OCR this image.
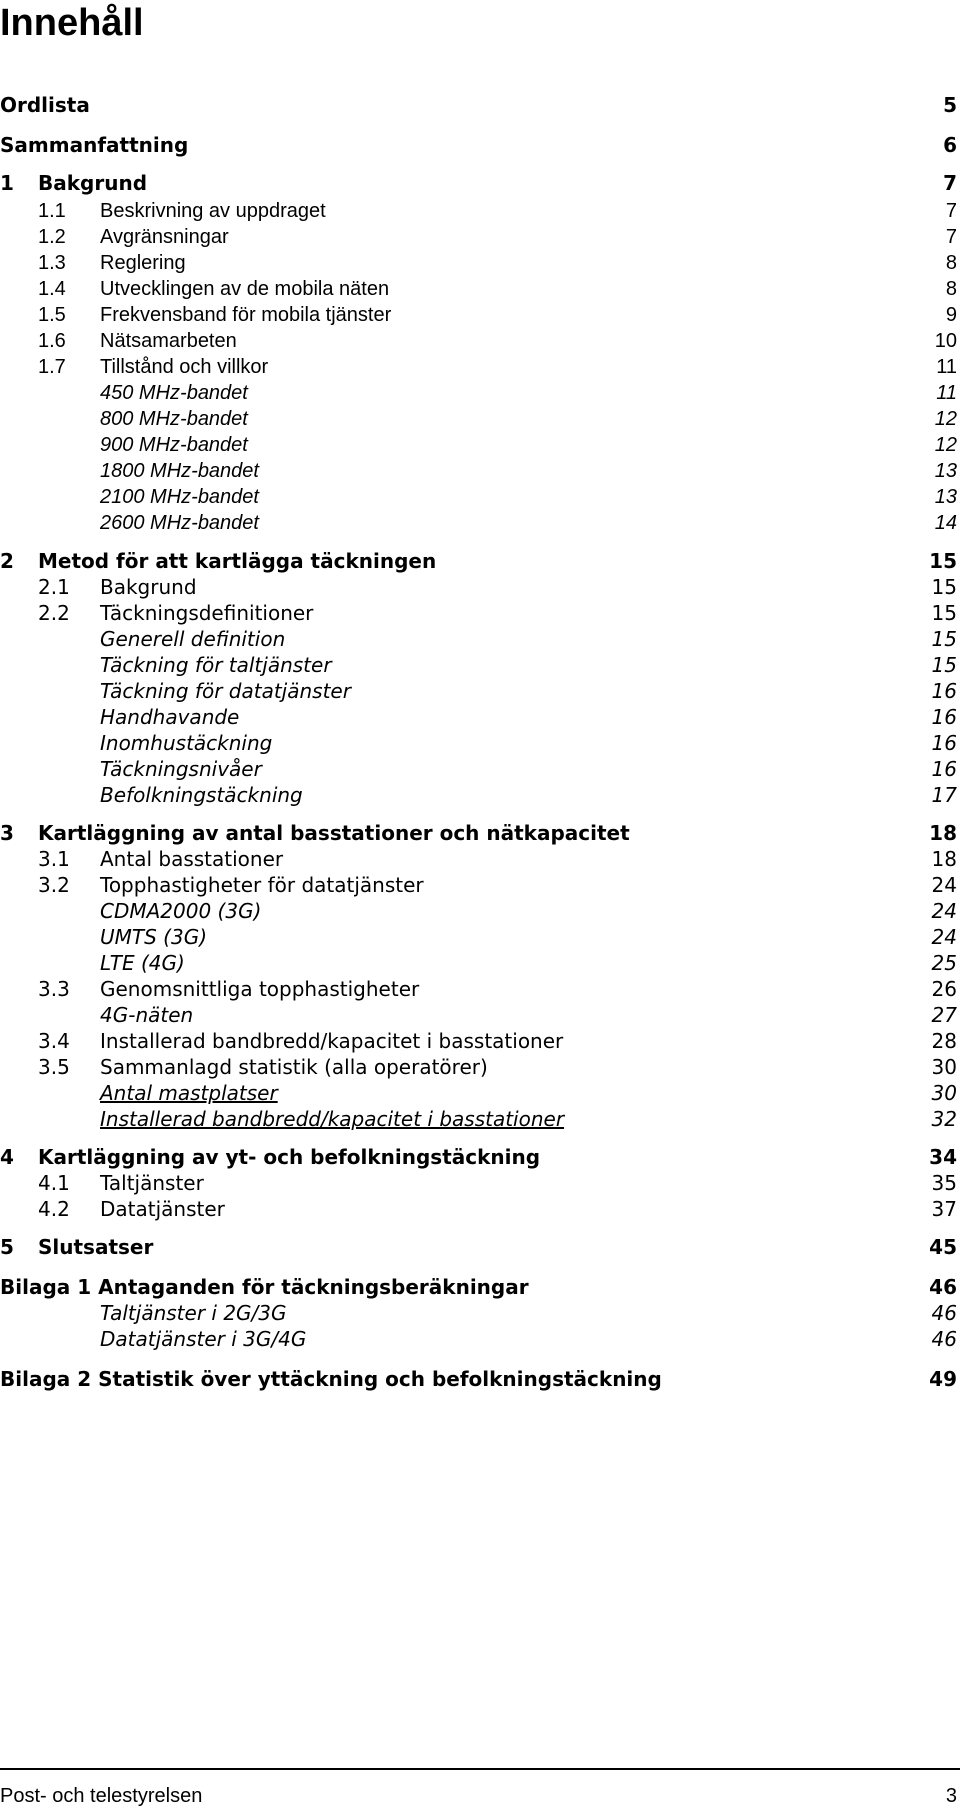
Innehåll
Ordlista	5
Sammanfattning	6
1 Bakgrund	7
1.1 Beskrivning av uppdraget	7
1.2 Avgränsningar	7
1.3 Reglering	8
1.4 Utvecklingen av de mobila näten	8
1.5 Frekvensband för mobila tjänster	9
1.6 Nätsamarbeten	10
1.7 Tillstånd och villkor	11
450 MHz-bandet	11
800 MHz-bandet	12
900 MHz-bandet	12
1800 MHz-bandet	13
2100 MHz-bandet	13
2600 MHz-bandet	14
2 Metod för att kartlägga täckningen	15
2.1 Bakgrund	15
2.2 Täckningsdefinitioner	15
Generell definition	15
Täckning för taltjänster	15
Täckning för datatjänster	16
Handhavande	16
Inomhustäckning	16
Täckningsnivåer	16
Befolkningstäckning	17
3 Kartläggning av antal basstationer och nätkapacitet	18
3.1 Antal basstationer	18
3.2 Topphastigheter för datatjänster	24
CDMA2000 (3G)	24
UMTS (3G)	24
LTE (4G)	25
3.3 Genomsnittliga topphastigheter	26
4G-näten	27
3.4 Installerad bandbredd/kapacitet i basstationer	28
3.5 Sammanlagd statistik (alla operatörer)	30
Antal mastplatser	30
Installerad bandbredd/kapacitet i basstationer	32
4 Kartläggning av yt- och befolkningstäckning	34
4.1 Taltjänster	35
4.2 Datatjänster	37
5 Slutsatser	45
Bilaga 1 Antaganden för täckningsberäkningar	46
Taltjänster i 2G/3G	46
Datatjänster i 3G/4G	46
Bilaga 2 Statistik över yttäckning och befolkningstäckning	49
Post- och telestyrelsen	3
